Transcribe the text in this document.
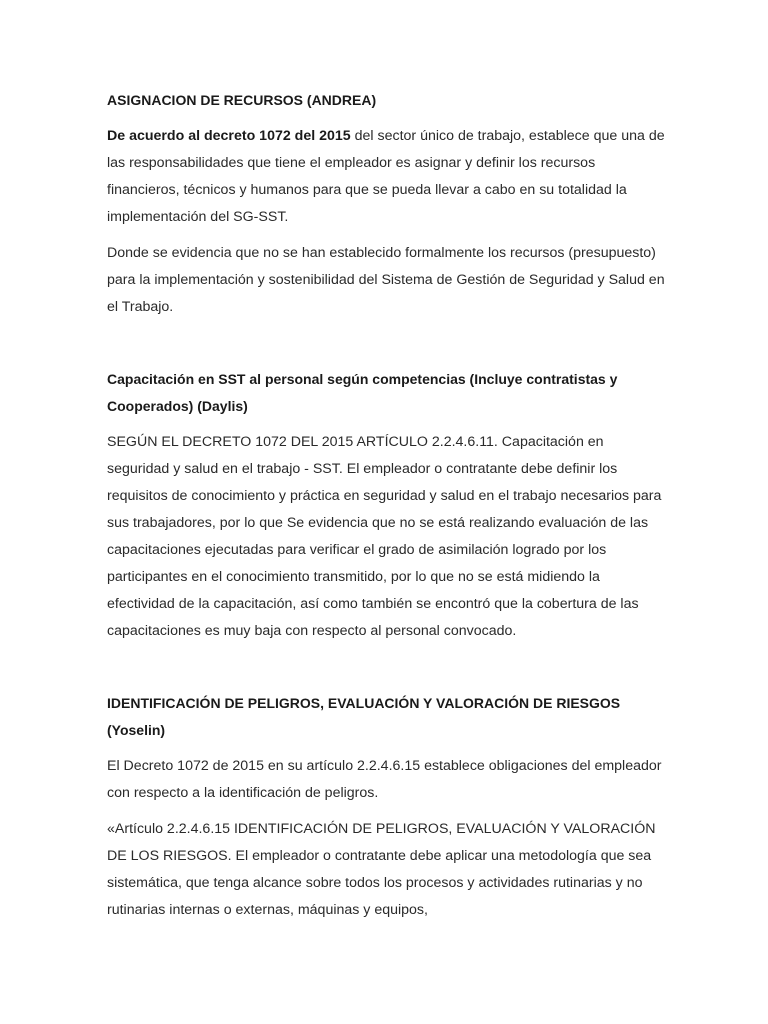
ASIGNACION DE RECURSOS (ANDREA)

De acuerdo al decreto 1072 del 2015 del sector único de trabajo, establece que una de las responsabilidades que tiene el empleador es asignar y definir los recursos financieros, técnicos y humanos para que se pueda llevar a cabo en su totalidad la implementación del SG-SST.

Donde se evidencia que no se han establecido formalmente los recursos (presupuesto) para la implementación y sostenibilidad del Sistema de Gestión de Seguridad y Salud en el Trabajo.

Capacitación en SST al personal según competencias (Incluye contratistas y Cooperados) (Daylis)

SEGÚN EL DECRETO 1072 DEL 2015 ARTÍCULO 2.2.4.6.11. Capacitación en seguridad y salud en el trabajo - SST. El empleador o contratante debe definir los requisitos de conocimiento y práctica en seguridad y salud en el trabajo necesarios para sus trabajadores, por lo que Se evidencia que no se está realizando evaluación de las capacitaciones ejecutadas para verificar el grado de asimilación logrado por los participantes en el conocimiento transmitido, por lo que no se está midiendo la efectividad de la capacitación, así como también se encontró que la cobertura de las capacitaciones es muy baja con respecto al personal convocado.

IDENTIFICACIÓN DE PELIGROS, EVALUACIÓN Y VALORACIÓN DE RIESGOS (Yoselin)

El Decreto 1072 de 2015 en su artículo 2.2.4.6.15 establece obligaciones del empleador con respecto a la identificación de peligros.

«Artículo 2.2.4.6.15 IDENTIFICACIÓN DE PELIGROS, EVALUACIÓN Y VALORACIÓN DE LOS RIESGOS. El empleador o contratante debe aplicar una metodología que sea sistemática, que tenga alcance sobre todos los procesos y actividades rutinarias y no rutinarias internas o externas, máquinas y equipos,
